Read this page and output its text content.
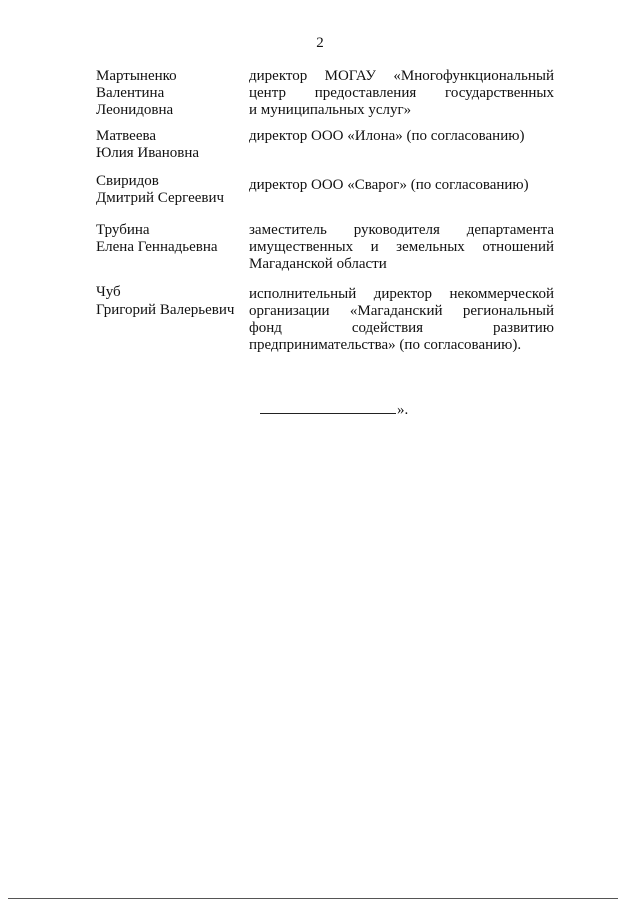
2
Мартыненко
Валентина
Леонидовна
директор МОГАУ «Многофункциональный
центр предоставления государственных
и муниципальных услуг»
Матвеева
Юлия Ивановна
директор ООО «Илона» (по согласованию)
Свиридов
Дмитрий Сергеевич
директор ООО «Сварог» (по согласованию)
Трубина
Елена Геннадьевна
заместитель руководителя департамента
имущественных и земельных отношений
Магаданской области
Чуб
Григорий Валерьевич
исполнительный директор некоммерческой
организации «Магаданский региональный
фонд содействия развитию
предпринимательства» (по согласованию).
».
